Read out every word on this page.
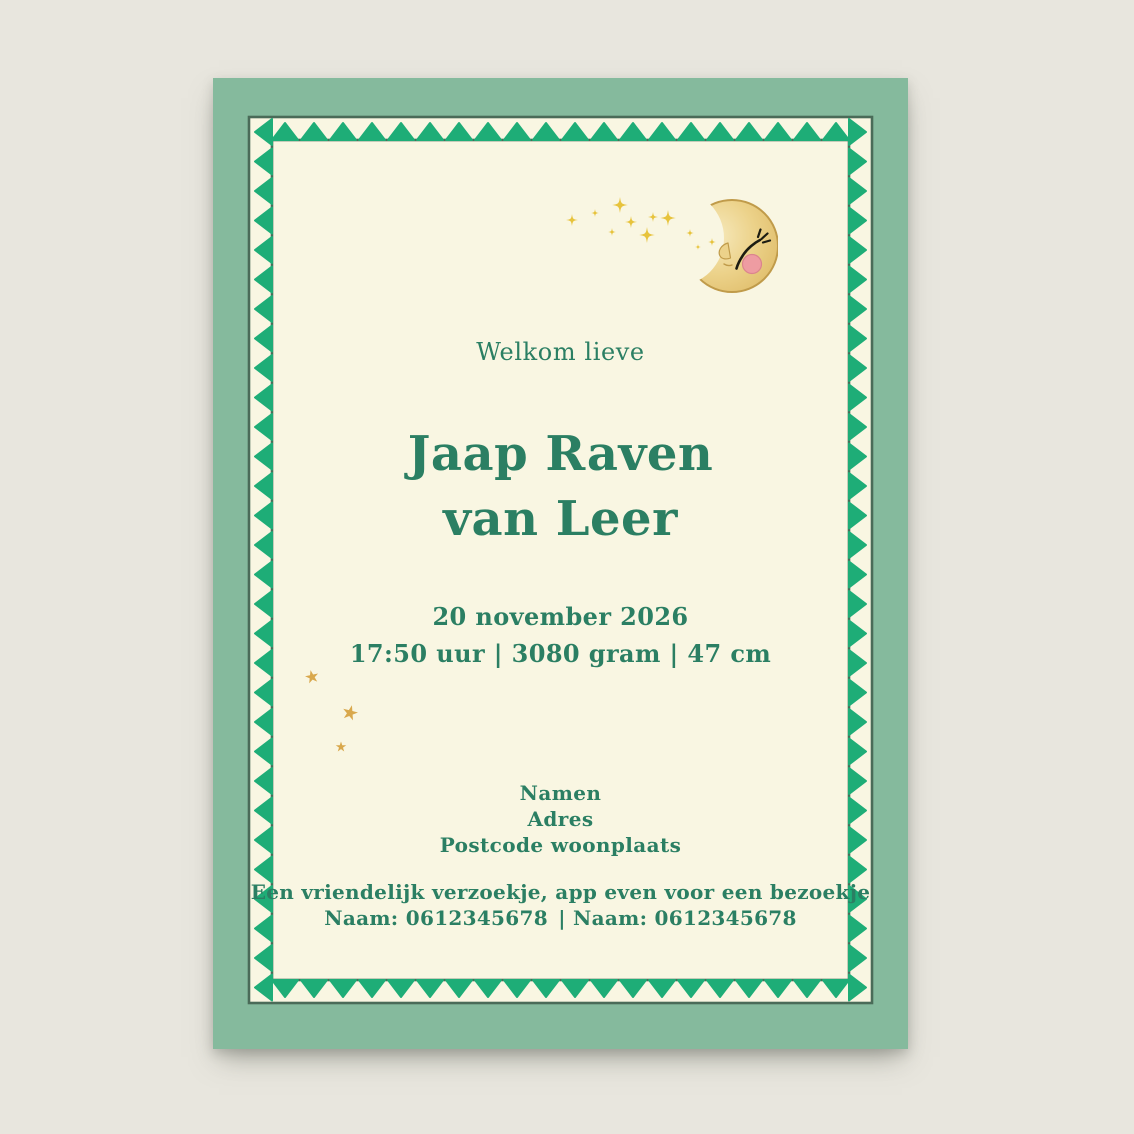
Welkom lieve
Jaap Raven
van Leer
20 november 2026
17:50 uur | 3080 gram | 47 cm
Namen
Adres
Postcode woonplaats
Een vriendelijk verzoekje, app even voor een bezoekje
Naam: 0612345678 | Naam: 0612345678
